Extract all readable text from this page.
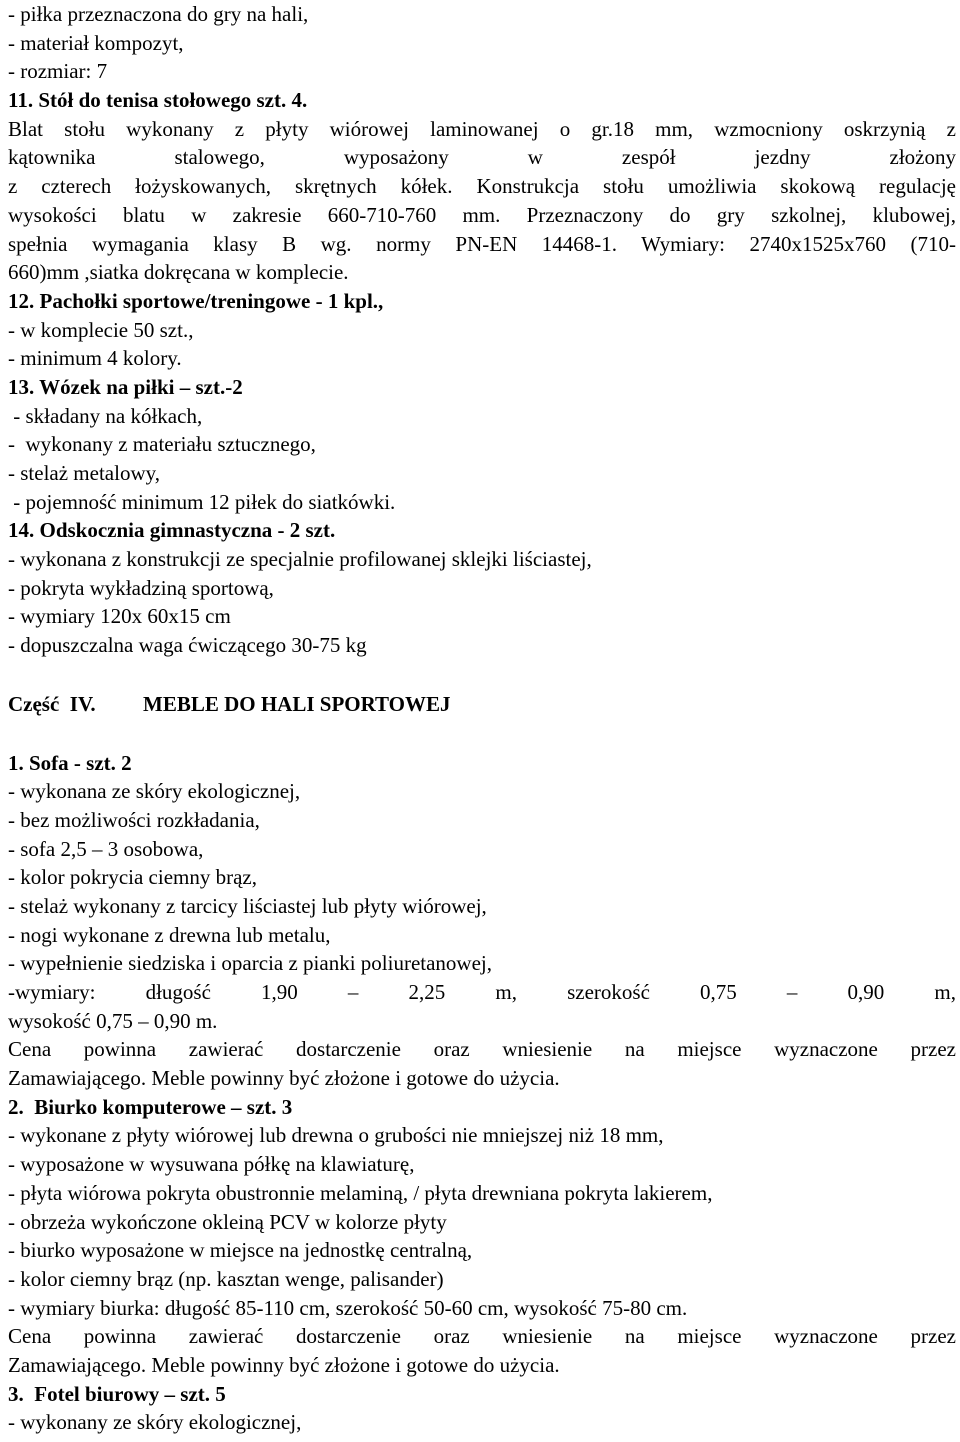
- piłka przeznaczona do gry na hali,
- materiał kompozyt,
- rozmiar: 7
11. Stół do tenisa stołowego szt. 4.
Blat stołu wykonany z płyty wiórowej laminowanej o gr.18 mm, wzmocniony oskrzynią z
kątownika stalowego, wyposażony w zespół jezdny złożony
z czterech łożyskowanych, skrętnych kółek. Konstrukcja stołu umożliwia skokową regulację
wysokości blatu w zakresie 660-710-760 mm. Przeznaczony do gry szkolnej, klubowej,
spełnia wymagania klasy B wg. normy PN-EN 14468-1. Wymiary: 2740x1525x760 (710-
660)mm ,siatka dokręcana w komplecie.
12. Pachołki sportowe/treningowe - 1 kpl.,
- w komplecie 50 szt.,
- minimum 4 kolory.
13. Wózek na piłki – szt.-2
- składany na kółkach,
-  wykonany z materiału sztucznego,
- stelaż metalowy,
- pojemność minimum 12 piłek do siatkówki.
14. Odskocznia gimnastyczna - 2 szt.
- wykonana z konstrukcji ze specjalnie profilowanej sklejki liściastej,
- pokryta wykładziną sportową,
- wymiary 120x 60x15 cm
- dopuszczalna waga ćwiczącego 30-75 kg
Część  IV.	MEBLE DO HALI SPORTOWEJ
1. Sofa - szt. 2
- wykonana ze skóry ekologicznej,
- bez możliwości rozkładania,
- sofa 2,5 – 3 osobowa,
- kolor pokrycia ciemny brąz,
- stelaż wykonany z tarcicy liściastej lub płyty wiórowej,
- nogi wykonane z drewna lub metalu,
- wypełnienie siedziska i oparcia z pianki poliuretanowej,
-wymiary: długość 1,90 – 2,25 m, szerokość 0,75 – 0,90 m,
wysokość 0,75 – 0,90 m.
Cena powinna zawierać dostarczenie oraz wniesienie na miejsce wyznaczone przez
Zamawiającego. Meble powinny być złożone i gotowe do użycia.
2.  Biurko komputerowe – szt. 3
- wykonane z płyty wiórowej lub drewna o grubości nie mniejszej niż 18 mm,
- wyposażone w wysuwana półkę na klawiaturę,
- płyta wiórowa pokryta obustronnie melaminą, / płyta drewniana pokryta lakierem,
- obrzeża wykończone okleiną PCV w kolorze płyty
- biurko wyposażone w miejsce na jednostkę centralną,
- kolor ciemny brąz (np. kasztan wenge, palisander)
- wymiary biurka: długość 85-110 cm, szerokość 50-60 cm, wysokość 75-80 cm.
Cena powinna zawierać dostarczenie oraz wniesienie na miejsce wyznaczone przez
Zamawiającego. Meble powinny być złożone i gotowe do użycia.
3.  Fotel biurowy – szt. 5
- wykonany ze skóry ekologicznej,
